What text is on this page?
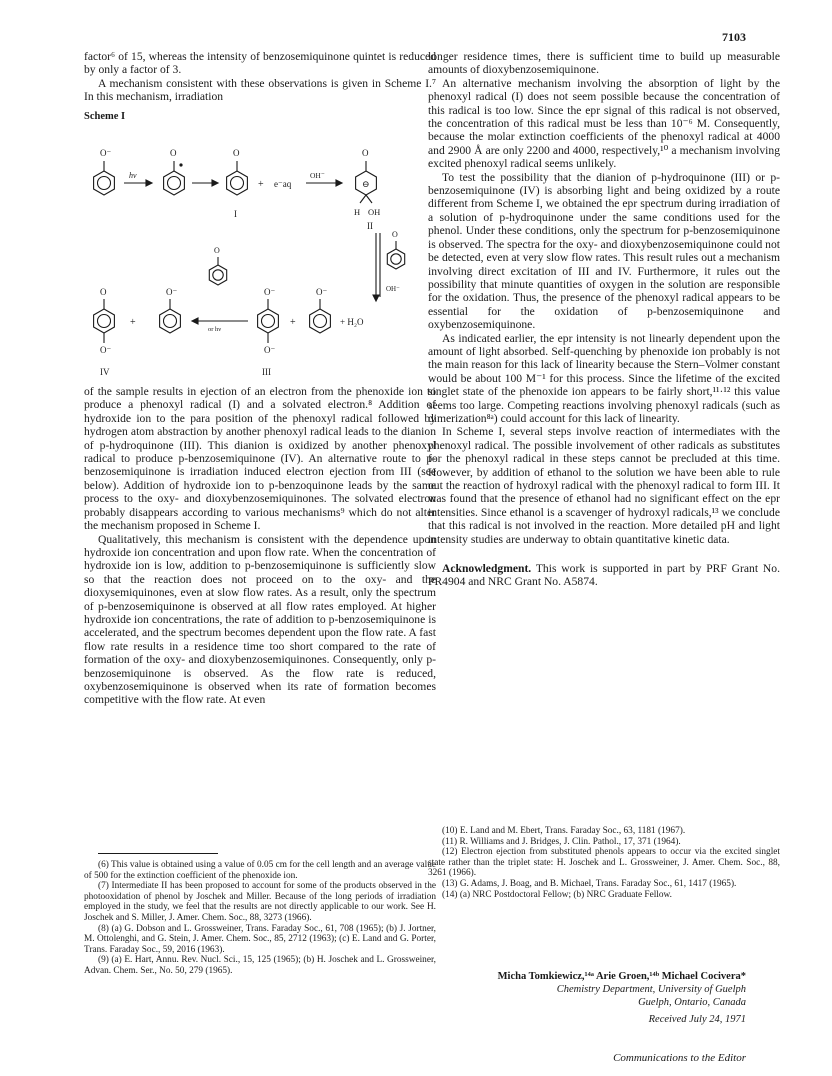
7103

factor⁶ of 15, whereas the intensity of benzosemiquinone quintet is reduced by only a factor of 3.

A mechanism consistent with these observations is given in Scheme I.⁷ In this mechanism, irradiation

Scheme I
O⁻
hν
O	O
+ e⁻aq
OH⁻
O
⊖
H OH
I
II
O
OH⁻
O
O⁻
IV
+
O⁻
O
or hν
O⁻
O⁻
III
+
O⁻
+ H₂O

of the sample results in ejection of an electron from the phenoxide ion to produce a phenoxyl radical (I) and a solvated electron.⁸ Addition of hydroxide ion to the para position of the phenoxyl radical followed by hydrogen atom abstraction by another phenoxyl radical leads to the dianion of p-hydroquinone (III). This dianion is oxidized by another phenoxyl radical to produce p-benzosemiquinone (IV). An alternative route to p-benzosemiquinone is irradiation induced electron ejection from III (see below). Addition of hydroxide ion to p-benzoquinone leads by the same process to the oxy- and dioxybenzosemiquinones. The solvated electron probably disappears according to various mechanisms⁹ which do not alter the mechanism proposed in Scheme I.

Qualitatively, this mechanism is consistent with the dependence upon hydroxide ion concentration and upon flow rate. When the concentration of hydroxide ion is low, addition to p-benzosemiquinone is sufficiently slow so that the reaction does not proceed on to the oxy- and the dioxysemiquinones, even at slow flow rates. As a result, only the spectrum of p-benzosemiquinone is observed at all flow rates employed. At higher hydroxide ion concentrations, the rate of addition to p-benzosemiquinone is accelerated, and the spectrum becomes dependent upon the flow rate. A fast flow rate results in a residence time too short compared to the rate of formation of the oxy- and dioxybenzosemiquinones. Consequently, only p-benzosemiquinone is observed. As the flow rate is reduced, oxybenzosemiquinone is observed when its rate of formation becomes competitive with the flow rate. At even

(6) This value is obtained using a value of 0.05 cm for the cell length and an average value of 500 for the extinction coefficient of the phenoxide ion.

(7) Intermediate II has been proposed to account for some of the products observed in the photooxidation of phenol by Joschek and Miller. Because of the long periods of irradiation employed in the study, we feel that the results are not directly applicable to our work. See H. Joschek and S. Miller, J. Amer. Chem. Soc., 88, 3273 (1966).

(8) (a) G. Dobson and L. Grossweiner, Trans. Faraday Soc., 61, 708 (1965); (b) J. Jortner, M. Ottolenghi, and G. Stein, J. Amer. Chem. Soc., 85, 2712 (1963); (c) E. Land and G. Porter, Trans. Faraday Soc., 59, 2016 (1963).

(9) (a) E. Hart, Annu. Rev. Nucl. Sci., 15, 125 (1965); (b) H. Joschek and L. Grossweiner, Advan. Chem. Ser., No. 50, 279 (1965).

longer residence times, there is sufficient time to build up measurable amounts of dioxybenzosemiquinone.

An alternative mechanism involving the absorption of light by the phenoxyl radical (I) does not seem possible because the concentration of this radical is too low. Since the epr signal of this radical is not observed, the concentration of this radical must be less than 10⁻⁶ M. Consequently, because the molar extinction coefficients of the phenoxyl radical at 4000 and 2900 Å are only 2200 and 4000, respectively,¹⁰ a mechanism involving excited phenoxyl radical seems unlikely.

To test the possibility that the dianion of p-hydroquinone (III) or p-benzosemiquinone (IV) is absorbing light and being oxidized by a route different from Scheme I, we obtained the epr spectrum during irradiation of a solution of p-hydroquinone under the same conditions used for the phenol. Under these conditions, only the spectrum for p-benzosemiquinone is observed. The spectra for the oxy- and dioxybenzosemiquinone could not be detected, even at very slow flow rates. This result rules out a mechanism involving direct excitation of III and IV. Furthermore, it rules out the possibility that minute quantities of oxygen in the solution are responsible for the oxidation. Thus, the presence of the phenoxyl radical appears to be essential for the oxidation of p-benzosemiquinone and oxybenzosemiquinone.

As indicated earlier, the epr intensity is not linearly dependent upon the amount of light absorbed. Self-quenching by phenoxide ion probably is not the main reason for this lack of linearity because the Stern–Volmer constant would be about 100 M⁻¹ for this process. Since the lifetime of the excited singlet state of the phenoxide ion appears to be fairly short,¹¹·¹² this value seems too large. Competing reactions involving phenoxyl radicals (such as dimerization⁸ᵃ) could account for this lack of linearity.

In Scheme I, several steps involve reaction of intermediates with the phenoxyl radical. The possible involvement of other radicals as substitutes for the phenoxyl radical in these steps cannot be precluded at this time. However, by addition of ethanol to the solution we have been able to rule out the reaction of hydroxyl radical with the phenoxyl radical to form III. It was found that the presence of ethanol had no significant effect on the epr intensities. Since ethanol is a scavenger of hydroxyl radicals,¹³ we conclude that this radical is not involved in the reaction. More detailed pH and light intensity studies are underway to obtain quantitative kinetic data.

Acknowledgment. This work is supported in part by PRF Grant No. PR4904 and NRC Grant No. A5874.

(10) E. Land and M. Ebert, Trans. Faraday Soc., 63, 1181 (1967).

(11) R. Williams and J. Bridges, J. Clin. Pathol., 17, 371 (1964).

(12) Electron ejection from substituted phenols appears to occur via the excited singlet state rather than the triplet state: H. Joschek and L. Grossweiner, J. Amer. Chem. Soc., 88, 3261 (1966).

(13) G. Adams, J. Boag, and B. Michael, Trans. Faraday Soc., 61, 1417 (1965).

(14) (a) NRC Postdoctoral Fellow; (b) NRC Graduate Fellow.

Micha Tomkiewicz,¹⁴ᵃ Arie Groen,¹⁴ᵇ Michael Cocivera*
Chemistry Department, University of Guelph
Guelph, Ontario, Canada
Received July 24, 1971
Communications to the Editor
